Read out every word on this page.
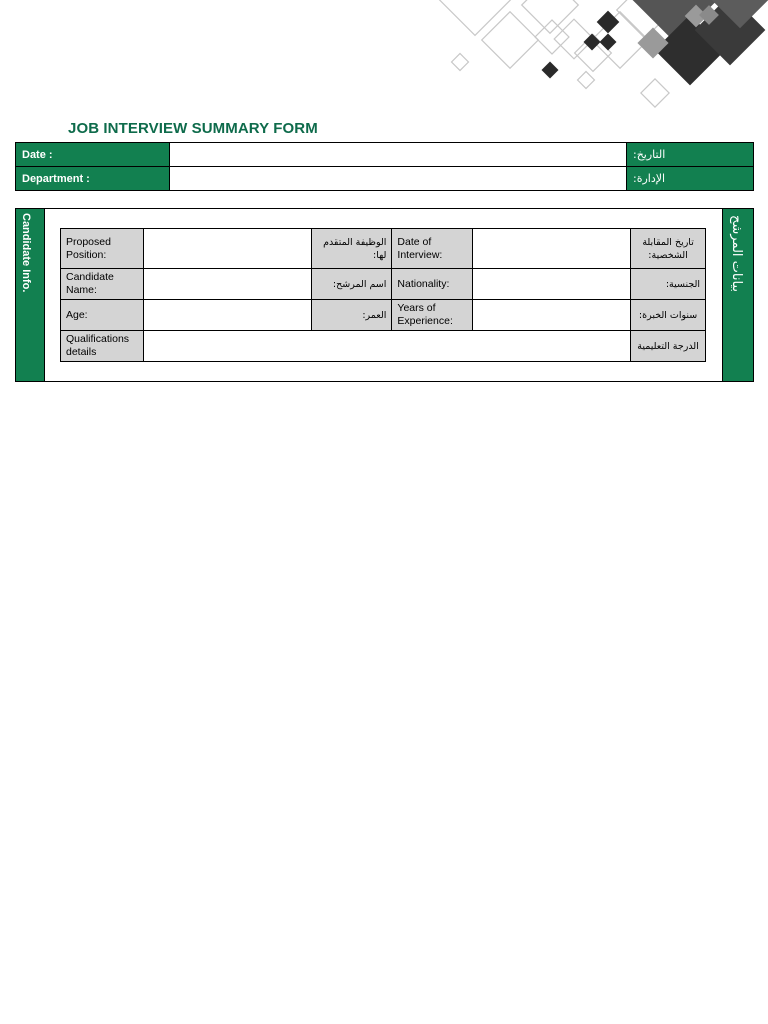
JOB INTERVIEW SUMMARY FORM
Date :		التاريخ:
Department :		الإدارة:
Candidate Info.	بيانات المرشح
Proposed Position:		الوظيفة المتقدم لها:	Date of Interview:		تاريخ المقابلة الشخصية:
Candidate Name:		اسم المرشح:	Nationality:		الجنسية:
Age:		العمر:	Years of Experience:		سنوات الخبرة:
Qualifications details					الدرجة التعليمية
